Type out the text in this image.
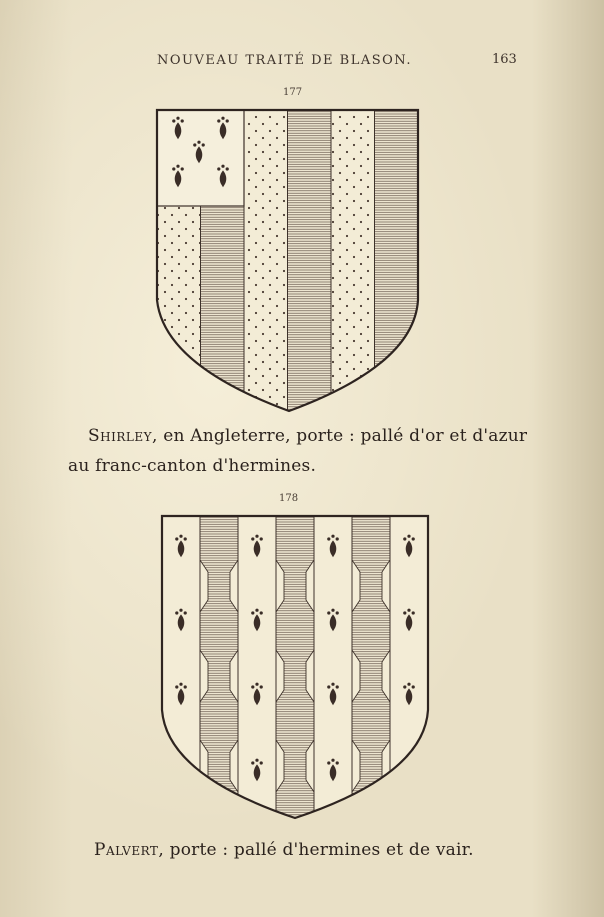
NOUVEAU TRAITÉ DE BLASON.	163
177
Shirley, en Angleterre, porte : pallé d'or et d'azur
au franc-canton d'hermines.
178
Palvert, porte : pallé d'hermines et de vair.
